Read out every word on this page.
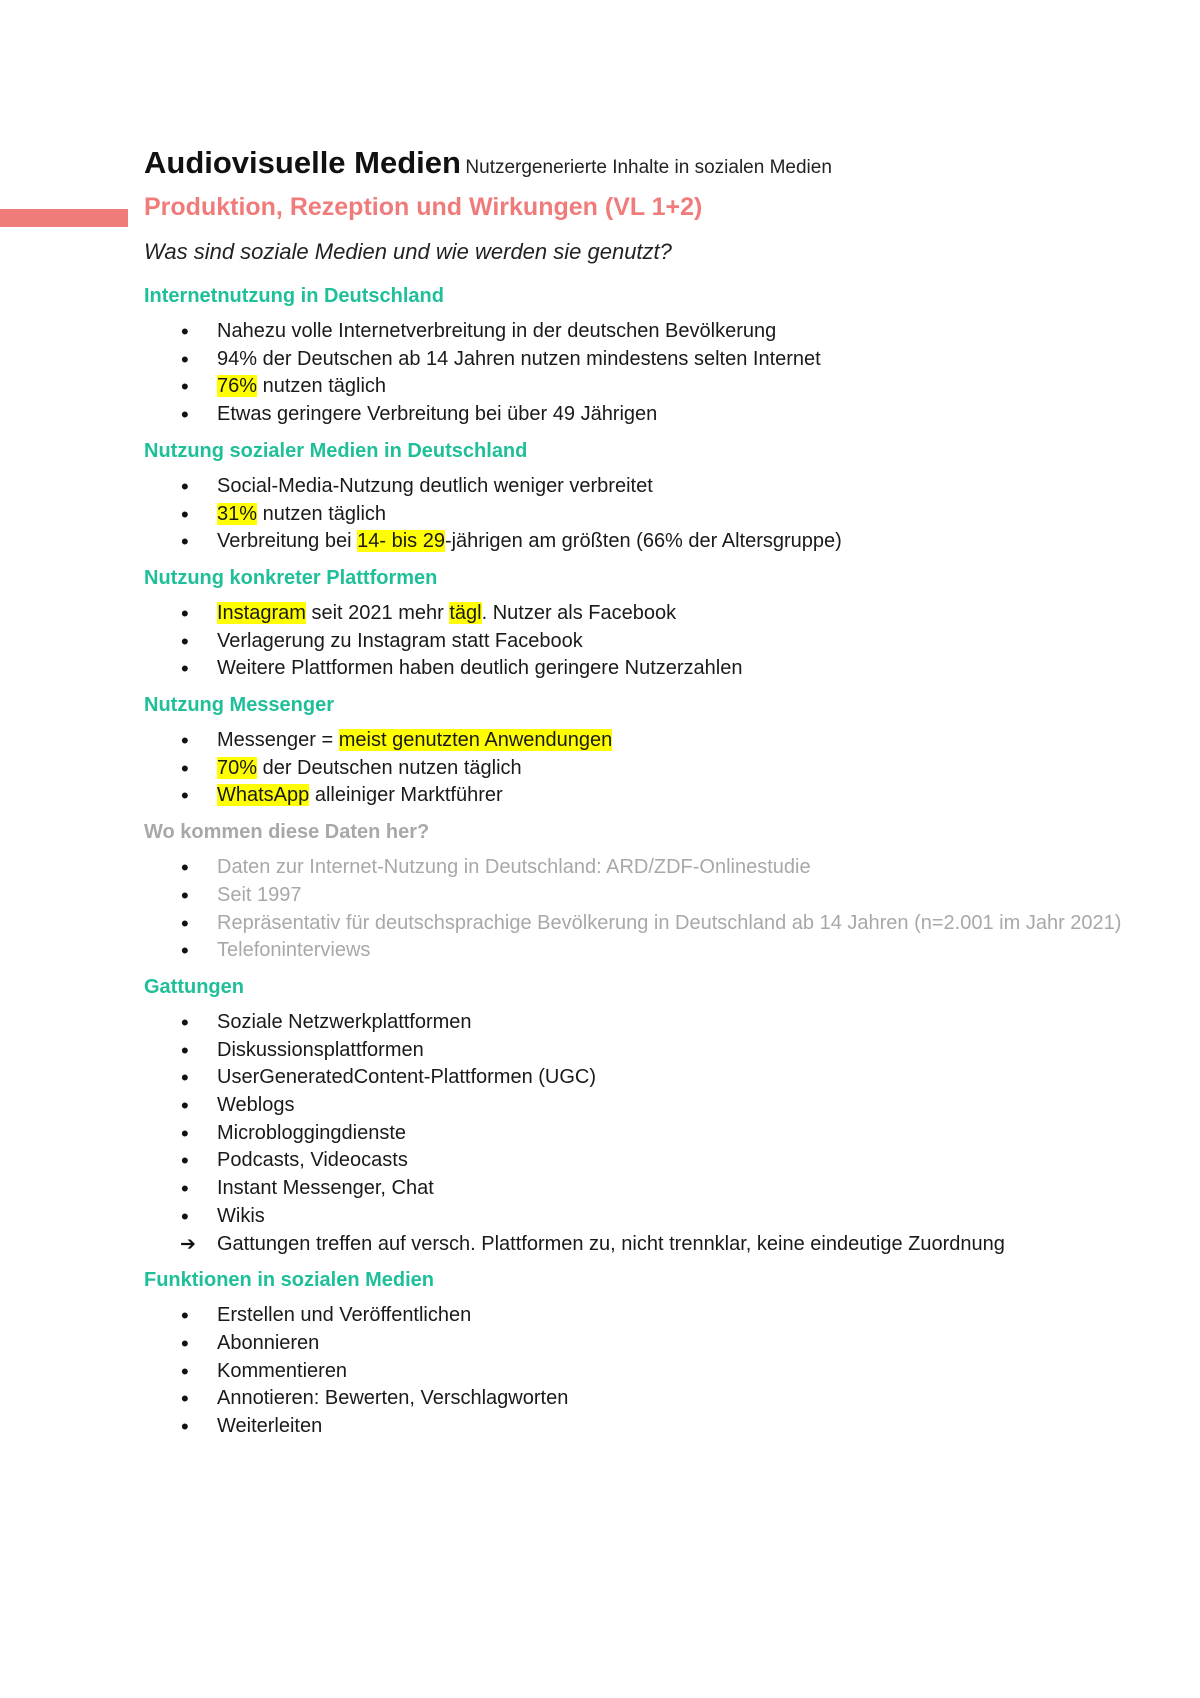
Audiovisuelle Medien Nutzergenerierte Inhalte in sozialen Medien

Produktion, Rezeption und Wirkungen (VL 1+2)

Was sind soziale Medien und wie werden sie genutzt?

Internetnutzung in Deutschland
• Nahezu volle Internetverbreitung in der deutschen Bevölkerung
• 94% der Deutschen ab 14 Jahren nutzen mindestens selten Internet
• 76% nutzen täglich
• Etwas geringere Verbreitung bei über 49 Jährigen
Nutzung sozialer Medien in Deutschland
• Social-Media-Nutzung deutlich weniger verbreitet
• 31% nutzen täglich
• Verbreitung bei 14- bis 29-jährigen am größten (66% der Altersgruppe)
Nutzung konkreter Plattformen
• Instagram seit 2021 mehr tägl. Nutzer als Facebook
• Verlagerung zu Instagram statt Facebook
• Weitere Plattformen haben deutlich geringere Nutzerzahlen
Nutzung Messenger
• Messenger = meist genutzten Anwendungen
• 70% der Deutschen nutzen täglich
• WhatsApp alleiniger Marktführer
Wo kommen diese Daten her?
• Daten zur Internet-Nutzung in Deutschland: ARD/ZDF-Onlinestudie
• Seit 1997
• Repräsentativ für deutschsprachige Bevölkerung in Deutschland ab 14 Jahren (n=2.001 im Jahr 2021)
• Telefoninterviews
Gattungen
• Soziale Netzwerkplattformen
• Diskussionsplattformen
• UserGeneratedContent-Plattformen (UGC)
• Weblogs
• Microbloggingdienste
• Podcasts, Videocasts
• Instant Messenger, Chat
• Wikis
➔ Gattungen treffen auf versch. Plattformen zu, nicht trennklar, keine eindeutige Zuordnung
Funktionen in sozialen Medien
• Erstellen und Veröffentlichen
• Abonnieren
• Kommentieren
• Annotieren: Bewerten, Verschlagworten
• Weiterleiten
